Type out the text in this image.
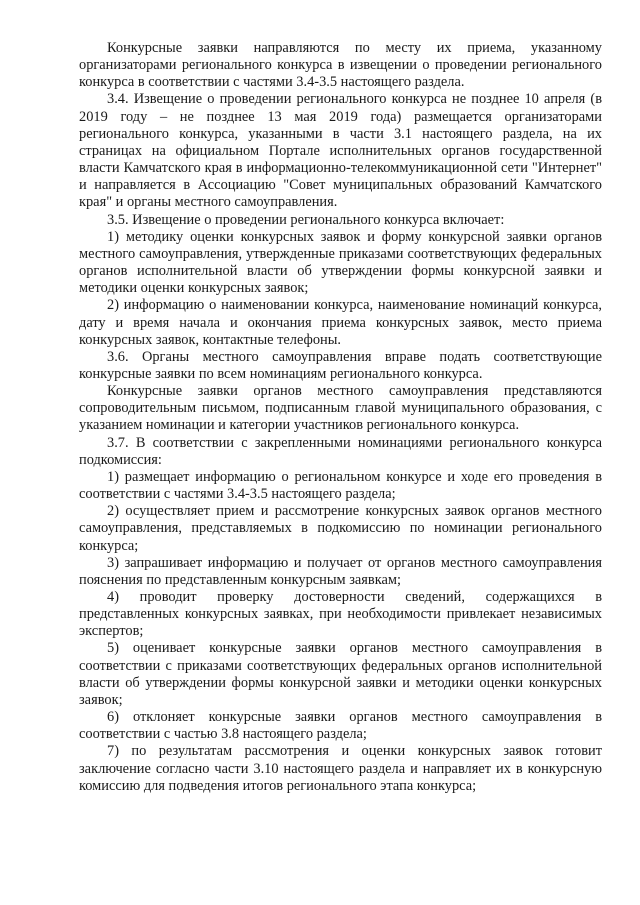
Конкурсные заявки направляются по месту их приема, указанному организаторами регионального конкурса в извещении о проведении регионального конкурса в соответствии с частями 3.4-3.5 настоящего раздела.

3.4. Извещение о проведении регионального конкурса не позднее 10 апреля (в 2019 году – не позднее 13 мая 2019 года) размещается организаторами регионального конкурса, указанными в части 3.1 настоящего раздела, на их страницах на официальном Портале исполнительных органов государственной власти Камчатского края в информационно-телекоммуникационной сети "Интернет" и направляется в Ассоциацию "Совет муниципальных образований Камчатского края" и органы местного самоуправления.

3.5. Извещение о проведении регионального конкурса включает:

1) методику оценки конкурсных заявок и форму конкурсной заявки органов местного самоуправления, утвержденные приказами соответствующих федеральных органов исполнительной власти об утверждении формы конкурсной заявки и методики оценки конкурсных заявок;

2) информацию о наименовании конкурса, наименование номинаций конкурса, дату и время начала и окончания приема конкурсных заявок, место приема конкурсных заявок, контактные телефоны.

3.6. Органы местного самоуправления вправе подать соответствующие конкурсные заявки по всем номинациям регионального конкурса.

Конкурсные заявки органов местного самоуправления представляются сопроводительным письмом, подписанным главой муниципального образования, с указанием номинации и категории участников регионального конкурса.

3.7. В соответствии с закрепленными номинациями регионального конкурса подкомиссия:

1) размещает информацию о региональном конкурсе и ходе его проведения в соответствии с частями 3.4-3.5 настоящего раздела;

2) осуществляет прием и рассмотрение конкурсных заявок органов местного самоуправления, представляемых в подкомиссию по номинации регионального конкурса;

3) запрашивает информацию и получает от органов местного самоуправления пояснения по представленным конкурсным заявкам;

4) проводит проверку достоверности сведений, содержащихся в представленных конкурсных заявках, при необходимости привлекает независимых экспертов;

5) оценивает конкурсные заявки органов местного самоуправления в соответствии с приказами соответствующих федеральных органов исполнительной власти об утверждении формы конкурсной заявки и методики оценки конкурсных заявок;

6) отклоняет конкурсные заявки органов местного самоуправления в соответствии с частью 3.8 настоящего раздела;

7) по результатам рассмотрения и оценки конкурсных заявок готовит заключение согласно части 3.10 настоящего раздела и направляет их в конкурсную комиссию для подведения итогов регионального этапа конкурса;
